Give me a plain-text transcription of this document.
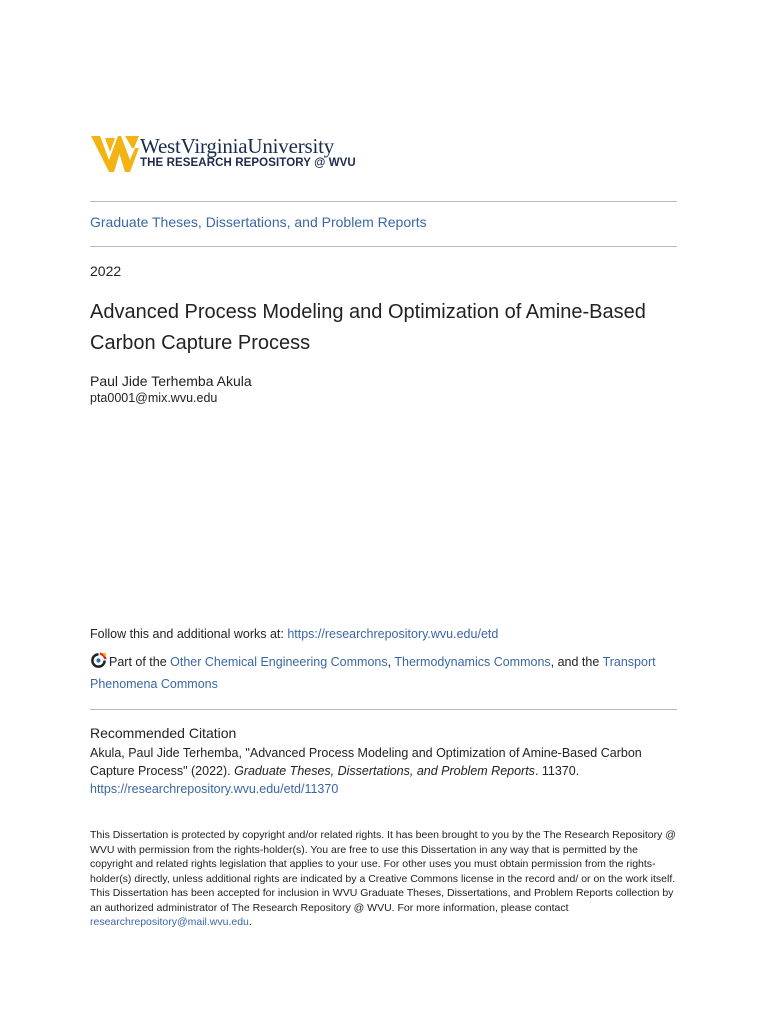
WestVirginiaUniversity
THE RESEARCH REPOSITORY @ WVU
Graduate Theses, Dissertations, and Problem Reports
2022
Advanced Process Modeling and Optimization of Amine-Based Carbon Capture Process
Paul Jide Terhemba Akula
pta0001@mix.wvu.edu
Follow this and additional works at: https://researchrepository.wvu.edu/etd
Part of the Other Chemical Engineering Commons, Thermodynamics Commons, and the Transport Phenomena Commons
Recommended Citation
Akula, Paul Jide Terhemba, "Advanced Process Modeling and Optimization of Amine-Based Carbon Capture Process" (2022). Graduate Theses, Dissertations, and Problem Reports. 11370.
https://researchrepository.wvu.edu/etd/11370

This Dissertation is protected by copyright and/or related rights. It has been brought to you by the The Research Repository @ WVU with permission from the rights-holder(s). You are free to use this Dissertation in any way that is permitted by the copyright and related rights legislation that applies to your use. For other uses you must obtain permission from the rights-holder(s) directly, unless additional rights are indicated by a Creative Commons license in the record and/ or on the work itself. This Dissertation has been accepted for inclusion in WVU Graduate Theses, Dissertations, and Problem Reports collection by an authorized administrator of The Research Repository @ WVU. For more information, please contact researchrepository@mail.wvu.edu.
